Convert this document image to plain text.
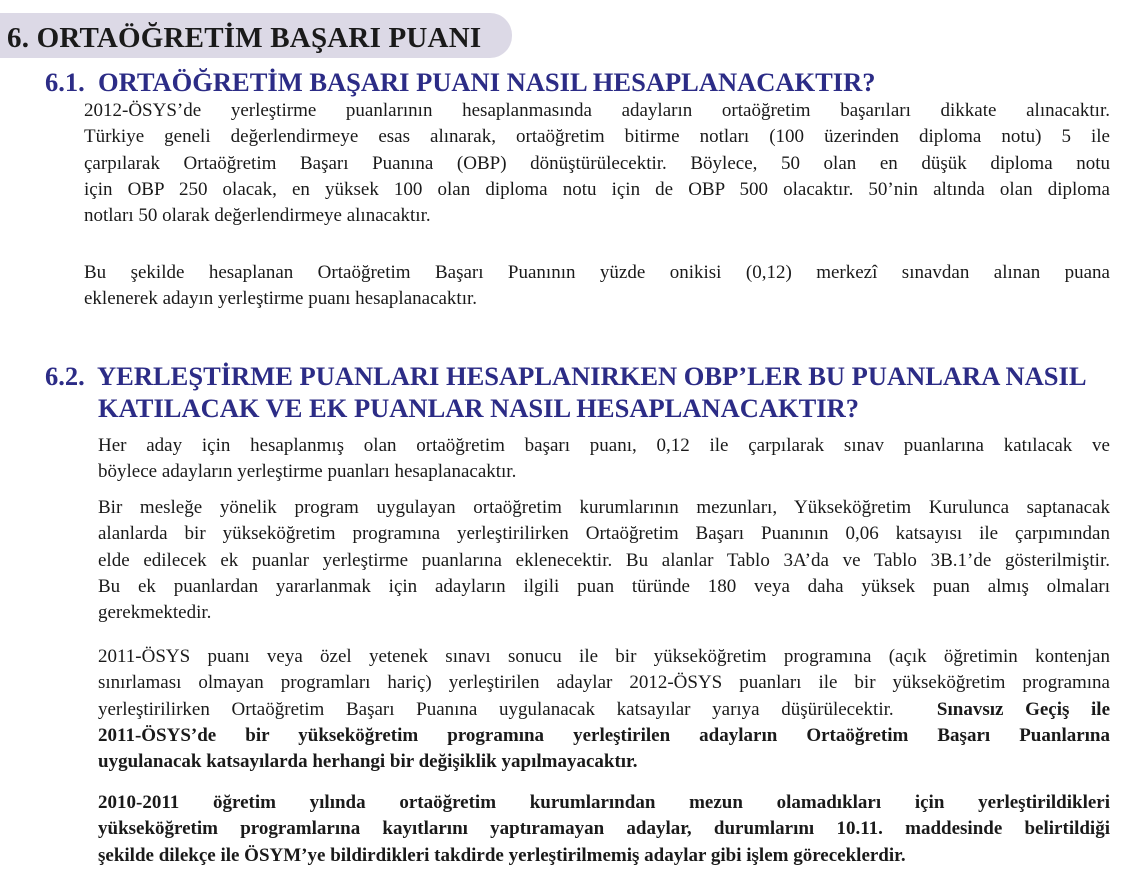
6. ORTAÖĞRETİM BAŞARI PUANI
6.1. ORTAÖĞRETİM BAŞARI PUANI NASIL HESAPLANACAKTIR?

2012-ÖSYS’de yerleştirme puanlarının hesaplanmasında adayların ortaöğretim başarıları dikkate alınacaktır.
Türkiye geneli değerlendirmeye esas alınarak, ortaöğretim bitirme notları (100 üzerinden diploma notu) 5 ile
çarpılarak Ortaöğretim Başarı Puanına (OBP) dönüştürülecektir. Böylece, 50 olan en düşük diploma notu
için OBP 250 olacak, en yüksek 100 olan diploma notu için de OBP 500 olacaktır. 50’nin altında olan diploma
notları 50 olarak değerlendirmeye alınacaktır.

Bu şekilde hesaplanan Ortaöğretim Başarı Puanının yüzde onikisi (0,12) merkezî sınavdan alınan puana
eklenerek adayın yerleştirme puanı hesaplanacaktır.

6.2. YERLEŞTİRME PUANLARI HESAPLANIRKEN OBP’LER BU PUANLARA NASIL
KATILACAK VE EK PUANLAR NASIL HESAPLANACAKTIR?

Her aday için hesaplanmış olan ortaöğretim başarı puanı, 0,12 ile çarpılarak sınav puanlarına katılacak ve
böylece adayların yerleştirme puanları hesaplanacaktır.

Bir mesleğe yönelik program uygulayan ortaöğretim kurumlarının mezunları, Yükseköğretim Kurulunca saptanacak
alanlarda bir yükseköğretim programına yerleştirilirken Ortaöğretim Başarı Puanının 0,06 katsayısı ile çarpımından
elde edilecek ek puanlar yerleştirme puanlarına eklenecektir. Bu alanlar Tablo 3A’da ve Tablo 3B.1’de gösterilmiştir.
Bu ek puanlardan yararlanmak için adayların ilgili puan türünde 180 veya daha yüksek puan almış olmaları
gerekmektedir.

2011-ÖSYS puanı veya özel yetenek sınavı sonucu ile bir yükseköğretim programına (açık öğretimin kontenjan
sınırlaması olmayan programları hariç) yerleştirilen adaylar 2012-ÖSYS puanları ile bir yükseköğretim programına
yerleştirilirken Ortaöğretim Başarı Puanına uygulanacak katsayılar yarıya düşürülecektir. Sınavsız Geçiş ile
2011-ÖSYS’de bir yükseköğretim programına yerleştirilen adayların Ortaöğretim Başarı Puanlarına
uygulanacak katsayılarda herhangi bir değişiklik yapılmayacaktır.

2010-2011 öğretim yılında ortaöğretim kurumlarından mezun olamadıkları için yerleştirildikleri
yükseköğretim programlarına kayıtlarını yaptıramayan adaylar, durumlarını 10.11. maddesinde belirtildiği
şekilde dilekçe ile ÖSYM’ye bildirdikleri takdirde yerleştirilmemiş adaylar gibi işlem göreceklerdir.
